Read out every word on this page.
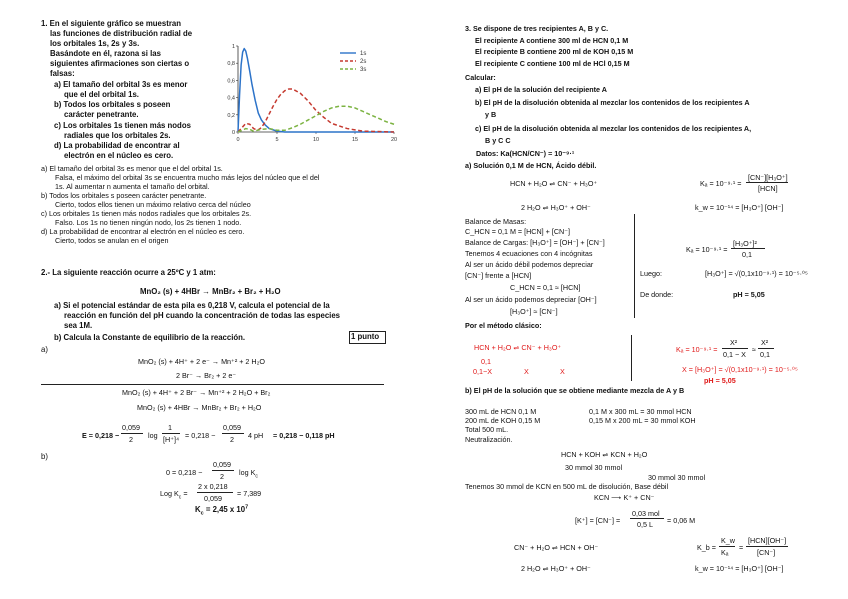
1. En el siguiente gráfico se muestran
las funciones de distribución radial de
los orbitales 1s, 2s y 3s.
Basándote en él, razona si las
siguientes afirmaciones son ciertas o
falsas:
a) El tamaño del orbital 3s es menor
que el del orbital 1s.
b) Todos los orbitales s poseen
carácter penetrante.
c) Los orbitales 1s tienen más nodos
radiales que los orbitales 2s.
d) La probabilidad de encontrar al
electrón en el núcleo es cero.
0	5	10	15	20
0
0,2
0,4
0,6
0,8
1
1s
2s
3s
a) El tamaño del orbital 3s es menor que el del orbital 1s.
Falsa, el máximo del orbital 3s se encuentra mucho más lejos del núcleo que el del
1s. Al aumentar n aumenta el tamaño del orbital.
b) Todos los orbitales s poseen carácter penetrante.
Cierto, todos ellos tienen un máximo relativo cerca del núcleo
c) Los orbitales 1s tienen más nodos radiales que los orbitales 2s.
Falso. Los 1s no tienen ningún nodo, los 2s tienen 1 nodo.
d) La probabilidad de encontrar al electrón en el núcleo es cero.
Cierto, todos se anulan en el origen
2.- La siguiente reacción ocurre a 25ºC y 1 atm:
MnO₂ (s) + 4HBr → MnBr₂ + Br₂ + H₂O
a) Si el potencial estándar de esta pila es 0,218 V, calcula el potencial de la
reacción en función del pH cuando la concentración de todas las especies
sea 1M.
b) Calcula la Constante de equilibrio de la reacción.	1 punto
a)
MnO₂ (s) + 4H⁺ + 2 e⁻ → Mn⁺² + 2 H₂O
2 Br⁻ → Br₂ + 2 e⁻
MnO₂ (s) + 4H⁺ + 2 Br⁻ → Mn⁺² + 2 H₂O + Br₂
MnO₂ (s) + 4HBr → MnBr₂ + Br₂ + H₂O
E = 0,218 −
0,059
2 log
1
[H⁺]⁴ = 0,218 −
0,059
2 4 pH = 0,218 − 0,118 pH
b)
0 = 0,218 −
0,059
2 $\log K_c$
Log $K_c$ =
2 x 0,218
0,059
= 7,389
$K_c = 2,45$ x $10^7$
3. Se dispone de tres recipientes A, B y C.
El recipiente A contiene 300 ml de HCN 0,1 M
El recipiente B contiene 200 ml de KOH 0,15 M
El recipiente C contiene 100 ml de HCl 0,15 M
Calcular:
a) El pH de la solución del recipiente A
b) El pH de la disolución obtenida al mezclar los contenidos de los recipientes A
y B
c) El pH de la disolución obtenida al mezclar los contenidos de los recipientes A,
B y C C
Datos: Ka(HCN/CN⁻) = 10⁻⁹·¹
a) Solución 0,1 M de HCN, Ácido débil.
HCN + H₂O ⇌ CN⁻ + H₃O⁺	Kₐ = 10⁻⁹·¹ =
[CN⁻][H₃O⁺]
[HCN]
2 H₂O ⇌ H₃O⁺ + OH⁻	k_w = 10⁻¹⁴ = [H₃O⁺] [OH⁻]
Balance de Masas:
C_HCN = 0,1 M = [HCN] + [CN⁻]
Balance de Cargas: [H₃O⁺] = [OH⁻] + [CN⁻]
Tenemos 4 ecuaciones con 4 incógnitas
Al ser un ácido débil podemos depreciar
[CN⁻] frente a [HCN]
C_HCN = 0,1 ≈ [HCN]
Al ser un ácido podemos depreciar [OH⁻]
[H₃O⁺] ≈ [CN⁻]
Kₐ = 10⁻⁹·¹ =
[H₃O⁺]²
0,1
Luego:	[H₃O⁺] = √(0,1x10⁻⁹·¹) = 10⁻⁵·⁰⁵
De donde:	pH = 5,05
Por el método clásico:
HCN + H₂O ⇌ CN⁻ + H₃O⁺
0,1
0,1−X	X	X
Kₐ = 10⁻⁹·¹ =
X²
0,1 − X
≈
X²
0,1
X = [H₃O⁺] = √(0,1x10⁻⁹·¹) = 10⁻⁵·⁰⁵
pH = 5,05
b) El pH de la solución que se obtiene mediante mezcla de A y B
300 mL de HCN 0,1 M	0,1 M x 300 mL = 30 mmol HCN
200 mL de KOH 0,15 M	0,15 M x 200 mL = 30 mmol KOH
Total 500 mL.
Neutralización.
HCN + KOH ⇌ KCN + H₂O
30 mmol 30 mmol
30 mmol 30 mmol
Tenemos 30 mmol de KCN en 500 mL de disolución, Base débil
KCN ⟶ K⁺ + CN⁻
[K⁺] = [CN⁻] =
0,03 mol
0,5 L = 0,06 M
CN⁻ + H₂O ⇌ HCN + OH⁻	K_b =
K_w
Kₐ
=
[HCN][OH⁻]
[CN⁻]
2 H₂O ⇌ H₃O⁺ + OH⁻	k_w = 10⁻¹⁴ = [H₃O⁺] [OH⁻]
